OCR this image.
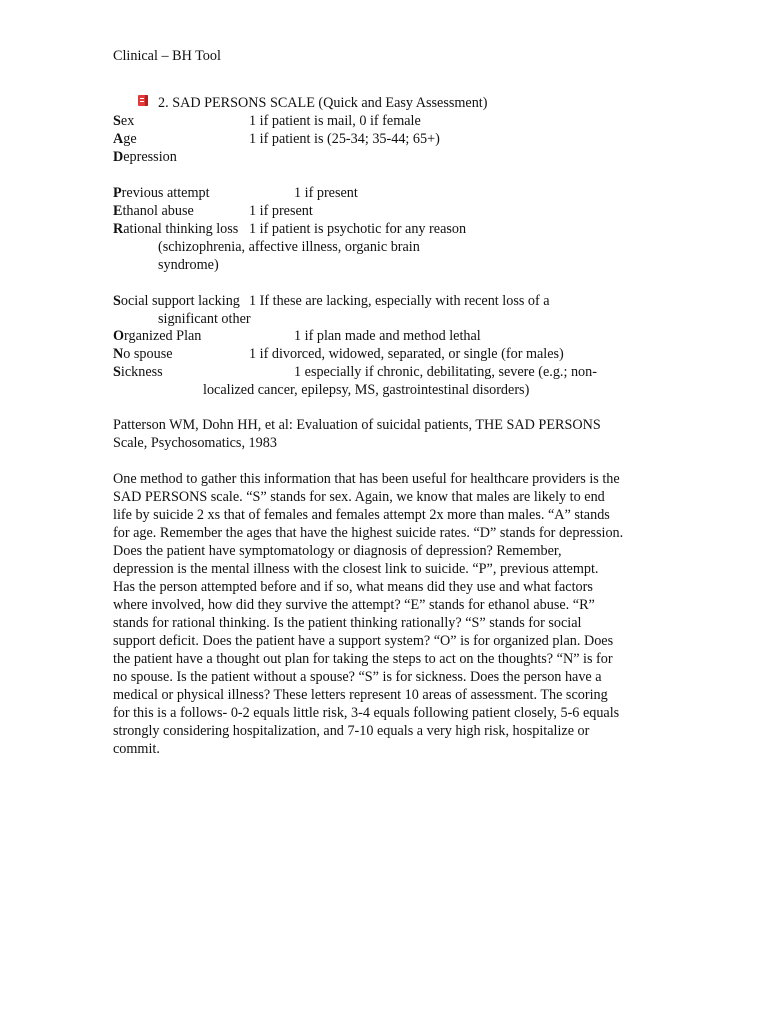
Clinical – BH Tool
2. SAD PERSONS SCALE (Quick and Easy Assessment)
Sex	1 if patient is mail, 0 if female
Age	1 if patient is (25-34; 35-44; 65+)
Depression
Previous attempt	1 if present
Ethanol abuse	1 if present
Rational thinking loss 1 if patient is psychotic for any reason
(schizophrenia, affective illness, organic brain
syndrome)
Social support lacking 1 If these are lacking, especially with recent loss of a
significant other
Organized Plan	1 if plan made and method lethal
No spouse	1 if divorced, widowed, separated, or single (for males)
Sickness	1 especially if chronic, debilitating, severe (e.g.; non-
localized cancer, epilepsy, MS, gastrointestinal disorders)
Patterson WM, Dohn HH, et al: Evaluation of suicidal patients, THE SAD PERSONS
Scale, Psychosomatics, 1983
One method to gather this information that has been useful for healthcare providers is the
SAD PERSONS scale. “S” stands for sex. Again, we know that males are likely to end
life by suicide 2 xs that of females and females attempt 2x more than males. “A” stands
for age. Remember the ages that have the highest suicide rates. “D” stands for depression.
Does the patient have symptomatology or diagnosis of depression? Remember,
depression is the mental illness with the closest link to suicide. “P”, previous attempt.
Has the person attempted before and if so, what means did they use and what factors
where involved, how did they survive the attempt? “E” stands for ethanol abuse. “R”
stands for rational thinking. Is the patient thinking rationally? “S” stands for social
support deficit. Does the patient have a support system? “O” is for organized plan. Does
the patient have a thought out plan for taking the steps to act on the thoughts? “N” is for
no spouse. Is the patient without a spouse? “S” is for sickness. Does the person have a
medical or physical illness? These letters represent 10 areas of assessment. The scoring
for this is a follows- 0-2 equals little risk, 3-4 equals following patient closely, 5-6 equals
strongly considering hospitalization, and 7-10 equals a very high risk, hospitalize or
commit.
